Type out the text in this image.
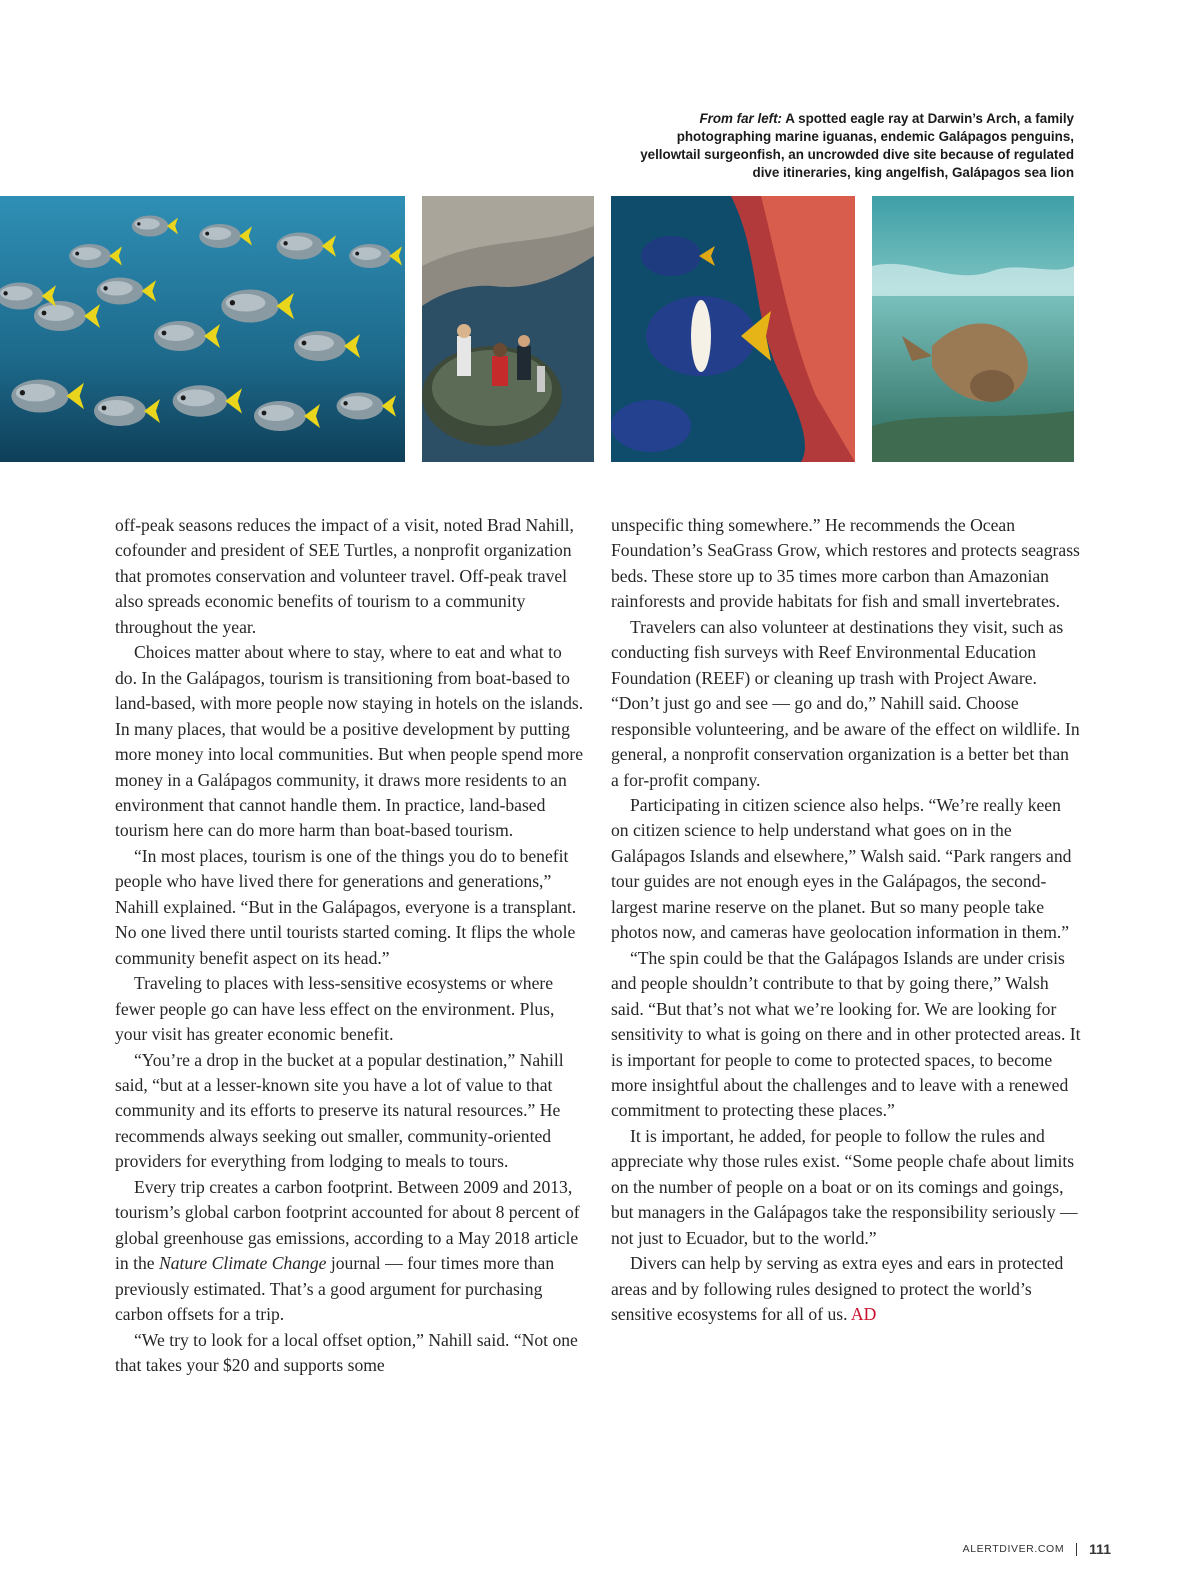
From far left: A spotted eagle ray at Darwin’s Arch, a family photographing marine iguanas, endemic Galápagos penguins, yellowtail surgeonfish, an uncrowded dive site because of regulated dive itineraries, king angelfish, Galápagos sea lion

off-peak seasons reduces the impact of a visit, noted Brad Nahill, cofounder and president of SEE Turtles, a nonprofit organization that promotes conservation and volunteer travel. Off-peak travel also spreads economic benefits of tourism to a community throughout the year.

Choices matter about where to stay, where to eat and what to do. In the Galápagos, tourism is transitioning from boat-based to land-based, with more people now staying in hotels on the islands. In many places, that would be a positive development by putting more money into local communities. But when people spend more money in a Galápagos community, it draws more residents to an environment that cannot handle them. In practice, land-based tourism here can do more harm than boat-based tourism.

“In most places, tourism is one of the things you do to benefit people who have lived there for generations and generations,” Nahill explained. “But in the Galápagos, everyone is a transplant. No one lived there until tourists started coming. It flips the whole community benefit aspect on its head.”

Traveling to places with less-sensitive ecosystems or where fewer people go can have less effect on the environment. Plus, your visit has greater economic benefit.

“You’re a drop in the bucket at a popular destination,” Nahill said, “but at a lesser-known site you have a lot of value to that community and its efforts to preserve its natural resources.” He recommends always seeking out smaller, community-oriented providers for everything from lodging to meals to tours.

Every trip creates a carbon footprint. Between 2009 and 2013, tourism’s global carbon footprint accounted for about 8 percent of global greenhouse gas emissions, according to a May 2018 article in the Nature Climate Change journal — four times more than previously estimated. That’s a good argument for purchasing carbon offsets for a trip.

“We try to look for a local offset option,” Nahill said. “Not one that takes your $20 and supports some

unspecific thing somewhere.” He recommends the Ocean Foundation’s SeaGrass Grow, which restores and protects seagrass beds. These store up to 35 times more carbon than Amazonian rainforests and provide habitats for fish and small invertebrates.

Travelers can also volunteer at destinations they visit, such as conducting fish surveys with Reef Environmental Education Foundation (REEF) or cleaning up trash with Project Aware. “Don’t just go and see — go and do,” Nahill said. Choose responsible volunteering, and be aware of the effect on wildlife. In general, a nonprofit conservation organization is a better bet than a for-profit company.

Participating in citizen science also helps. “We’re really keen on citizen science to help understand what goes on in the Galápagos Islands and elsewhere,” Walsh said. “Park rangers and tour guides are not enough eyes in the Galápagos, the second-largest marine reserve on the planet. But so many people take photos now, and cameras have geolocation information in them.”

“The spin could be that the Galápagos Islands are under crisis and people shouldn’t contribute to that by going there,” Walsh said. “But that’s not what we’re looking for. We are looking for sensitivity to what is going on there and in other protected areas. It is important for people to come to protected spaces, to become more insightful about the challenges and to leave with a renewed commitment to protecting these places.”

It is important, he added, for people to follow the rules and appreciate why those rules exist. “Some people chafe about limits on the number of people on a boat or on its comings and goings, but managers in the Galápagos take the responsibility seriously — not just to Ecuador, but to the world.”

Divers can help by serving as extra eyes and ears in protected areas and by following rules designed to protect the world’s sensitive ecosystems for all of us. AD

ALERTDIVER.COM 111
